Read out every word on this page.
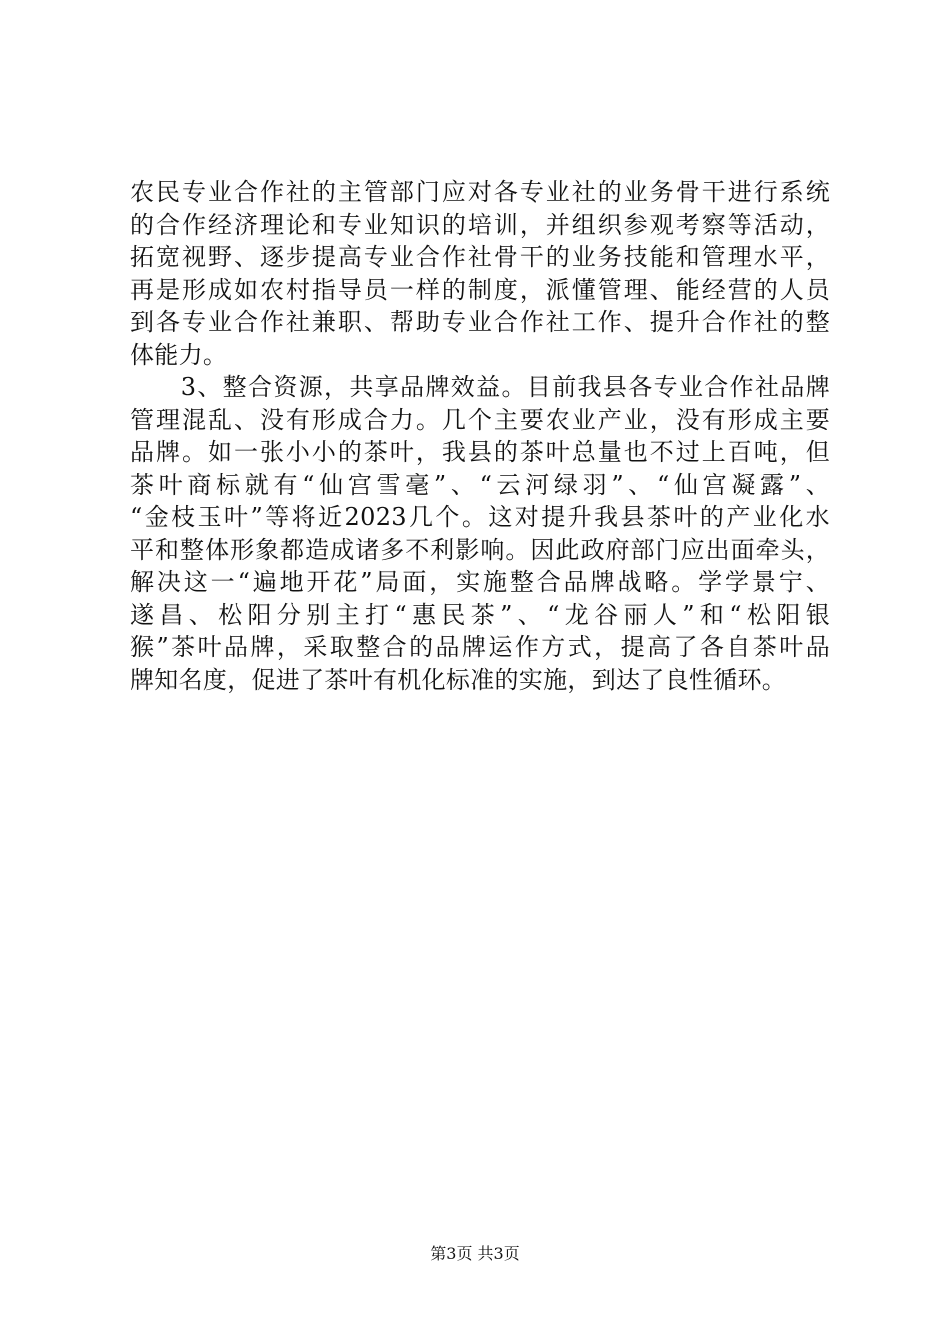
农民专业合作社的主管部门应对各专业社的业务骨干进行系统
的合作经济理论和专业知识的培训，并组织参观考察等活动，
拓宽视野、逐步提高专业合作社骨干的业务技能和管理水平，
再是形成如农村指导员一样的制度，派懂管理、能经营的人员
到各专业合作社兼职、帮助专业合作社工作、提升合作社的整
体能力。
　　3、整合资源，共享品牌效益。目前我县各专业合作社品牌
管理混乱、没有形成合力。几个主要农业产业，没有形成主要
品牌。如一张小小的茶叶，我县的茶叶总量也不过上百吨，但
茶叶商标就有“仙宫雪毫”、“云河绿羽”、“仙宫凝露”、
“金枝玉叶”等将近2023几个。这对提升我县茶叶的产业化水
平和整体形象都造成诸多不利影响。因此政府部门应出面牵头，
解决这一“遍地开花”局面，实施整合品牌战略。学学景宁、
遂昌、松阳分别主打“惠民茶”、“龙谷丽人”和“松阳银
猴”茶叶品牌，采取整合的品牌运作方式，提高了各自茶叶品
牌知名度，促进了茶叶有机化标准的实施，到达了良性循环。
第3页 共3页
